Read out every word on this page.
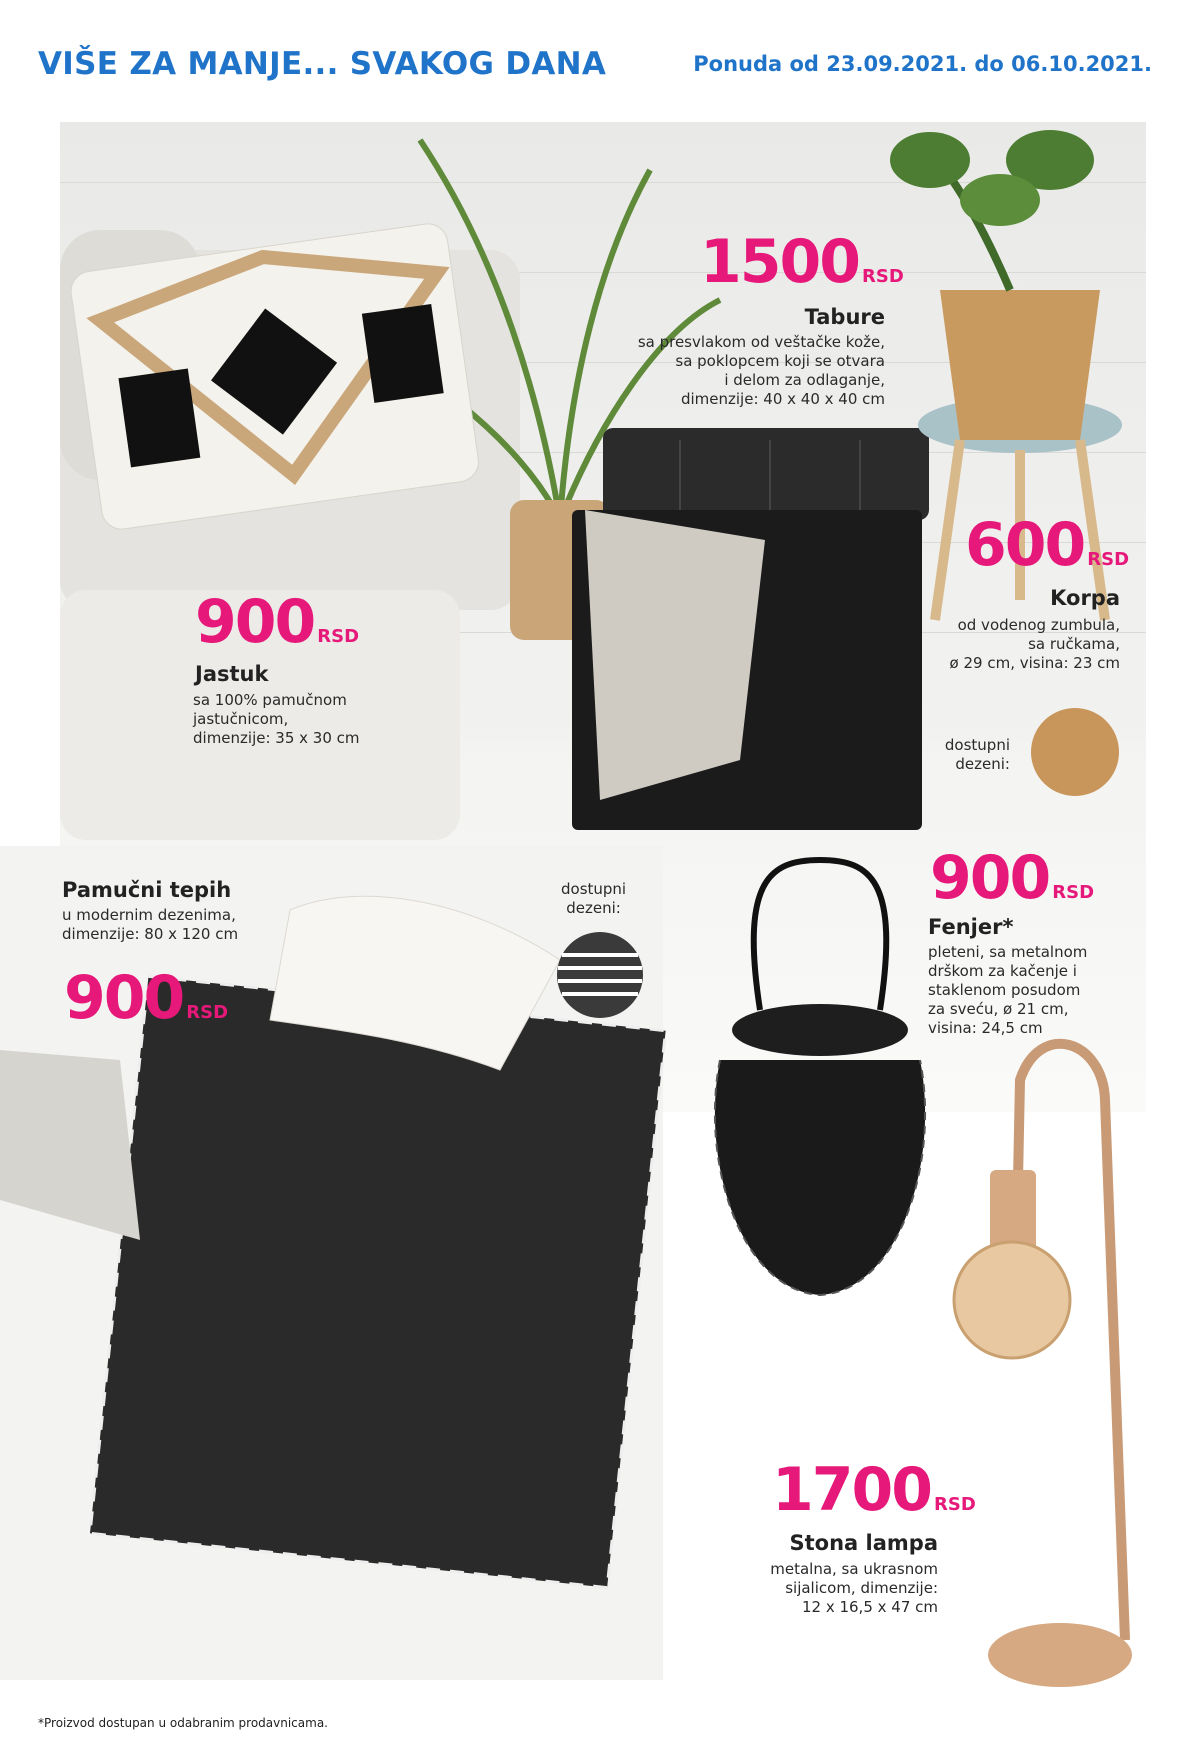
VIŠE ZA MANJE... SVAKOG DANA	Ponuda od 23.09.2021. do 06.10.2021.
1500 RSD
Tabure
sa presvlakom od veštačke kože,
sa poklopcem koji se otvara
i delom za odlaganje,
dimenzije: 40 x 40 x 40 cm
600 RSD
Korpa
od vodenog zumbula,
sa ručkama,
ø 29 cm, visina: 23 cm
dostupni
dezeni:
900 RSD
Jastuk
sa 100% pamučnom
jastučnicom,
dimenzije: 35 x 30 cm
Pamučni tepih
u modernim dezenima,
dimenzije: 80 x 120 cm
900 RSD
dostupni
dezeni:	900 RSD
Fenjer*
pleteni, sa metalnom
drškom za kačenje i
staklenom posudom
za sveću, ø 21 cm,
visina: 24,5 cm
1700 RSD
Stona lampa
metalna, sa ukrasnom
sijalicom, dimenzije:
12 x 16,5 x 47 cm
*Proizvod dostupan u odabranim prodavnicama.
